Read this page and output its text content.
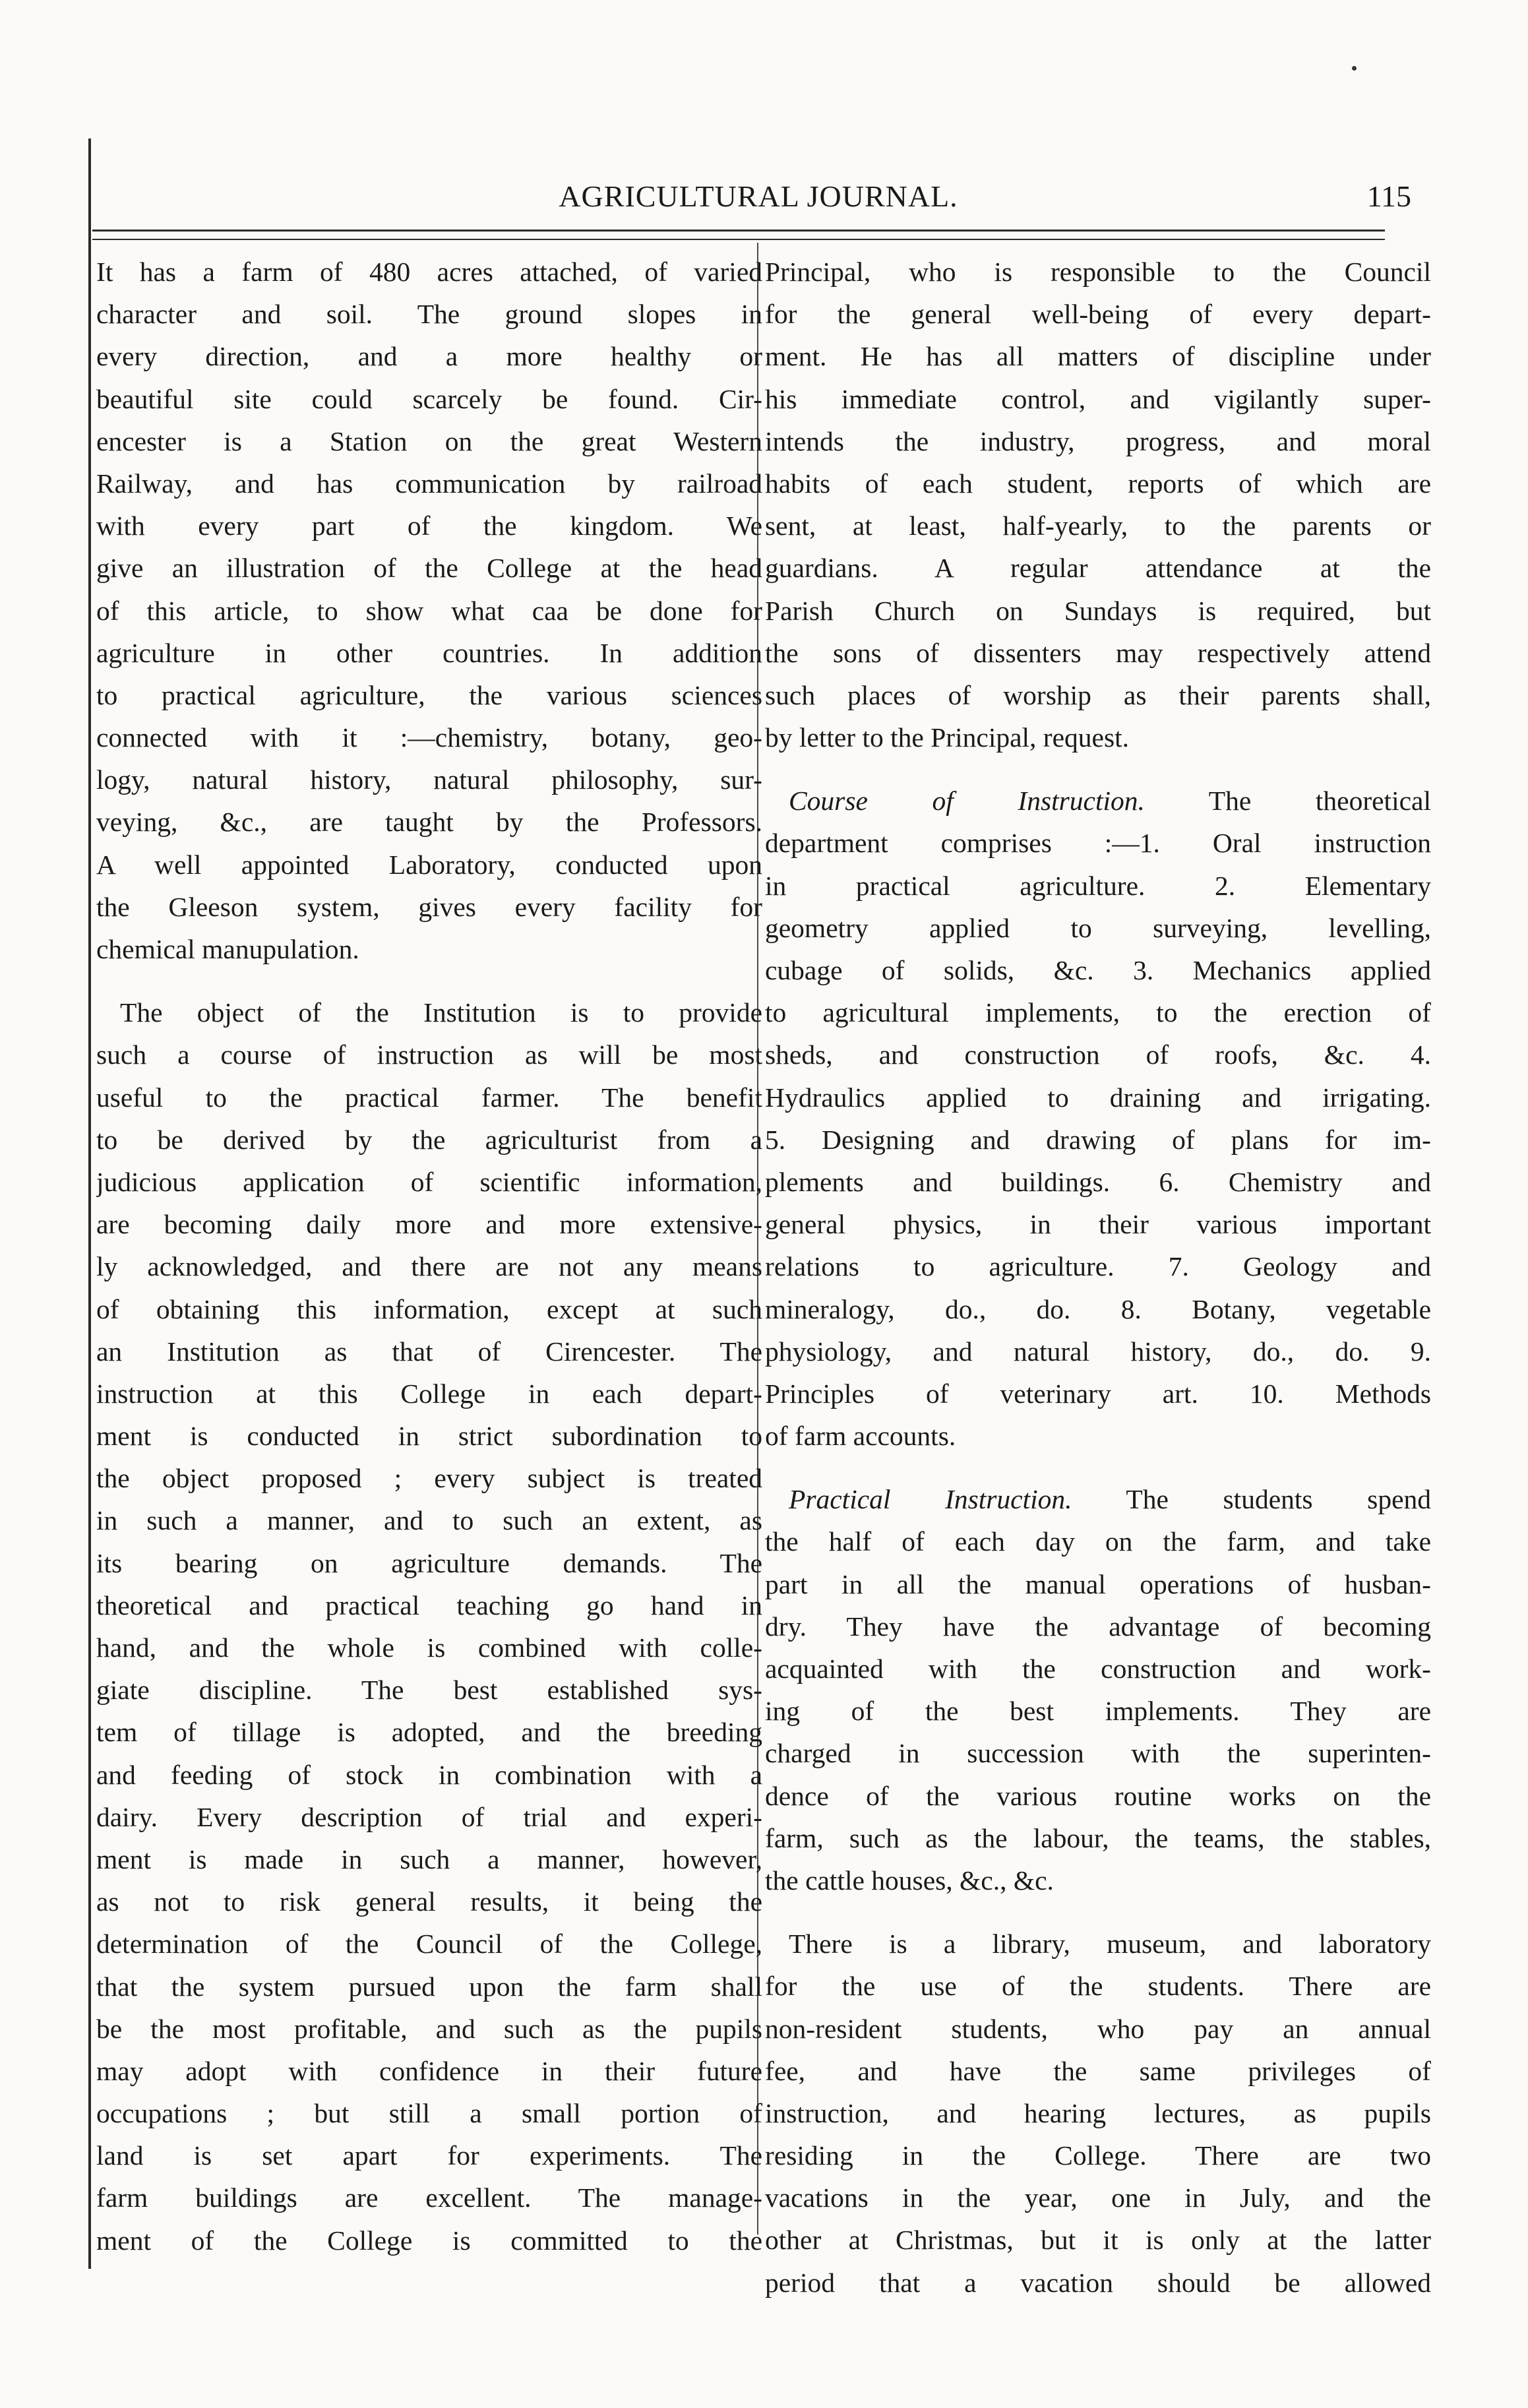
AGRICULTURAL JOURNAL.	115

It has a farm of 480 acres attached, of varied
character and soil. The ground slopes in
every direction, and a more healthy or
beautiful site could scarcely be found. Cir-
encester is a Station on the great Western
Railway, and has communication by railroad
with every part of the kingdom. We
give an illustration of the College at the head
of this article, to show what caa be done for
agriculture in other countries. In addition
to practical agriculture, the various sciences
connected with it :—chemistry, botany, geo-
logy, natural history, natural philosophy, sur-
veying, &c., are taught by the Professors.
A well appointed Laboratory, conducted upon
the Gleeson system, gives every facility for
chemical manupulation.

The object of the Institution is to provide
such a course of instruction as will be most
useful to the practical farmer. The benefit
to be derived by the agriculturist from a
judicious application of scientific information,
are becoming daily more and more extensive-
ly acknowledged, and there are not any means
of obtaining this information, except at such
an Institution as that of Cirencester. The
instruction at this College in each depart-
ment is conducted in strict subordination to
the object proposed ; every subject is treated
in such a manner, and to such an extent, as
its bearing on agriculture demands. The
theoretical and practical teaching go hand in
hand, and the whole is combined with colle-
giate discipline. The best established sys-
tem of tillage is adopted, and the breeding
and feeding of stock in combination with a
dairy. Every description of trial and experi-
ment is made in such a manner, however,
as not to risk general results, it being the
determination of the Council of the College,
that the system pursued upon the farm shall
be the most profitable, and such as the pupils
may adopt with confidence in their future
occupations ; but still a small portion of
land is set apart for experiments. The
farm buildings are excellent. The manage-
ment of the College is committed to the

Principal, who is responsible to the Council
for the general well-being of every depart-
ment. He has all matters of discipline under
his immediate control, and vigilantly super-
intends the industry, progress, and moral
habits of each student, reports of which are
sent, at least, half-yearly, to the parents or
guardians. A regular attendance at the
Parish Church on Sundays is required, but
the sons of dissenters may respectively attend
such places of worship as their parents shall,
by letter to the Principal, request.

Course of Instruction. The theoretical
department comprises :—1. Oral instruction
in practical agriculture. 2. Elementary
geometry applied to surveying, levelling,
cubage of solids, &c. 3. Mechanics applied
to agricultural implements, to the erection of
sheds, and construction of roofs, &c. 4.
Hydraulics applied to draining and irrigating.
5. Designing and drawing of plans for im-
plements and buildings. 6. Chemistry and
general physics, in their various important
relations to agriculture. 7. Geology and
mineralogy, do., do. 8. Botany, vegetable
physiology, and natural history, do., do. 9.
Principles of veterinary art. 10. Methods
of farm accounts.

Practical Instruction. The students spend
the half of each day on the farm, and take
part in all the manual operations of husban-
dry. They have the advantage of becoming
acquainted with the construction and work-
ing of the best implements. They are
charged in succession with the superinten-
dence of the various routine works on the
farm, such as the labour, the teams, the stables,
the cattle houses, &c., &c.

There is a library, museum, and laboratory
for the use of the students. There are
non-resident students, who pay an annual
fee, and have the same privileges of
instruction, and hearing lectures, as pupils
residing in the College. There are two
vacations in the year, one in July, and the
other at Christmas, but it is only at the latter
period that a vacation should be allowed
